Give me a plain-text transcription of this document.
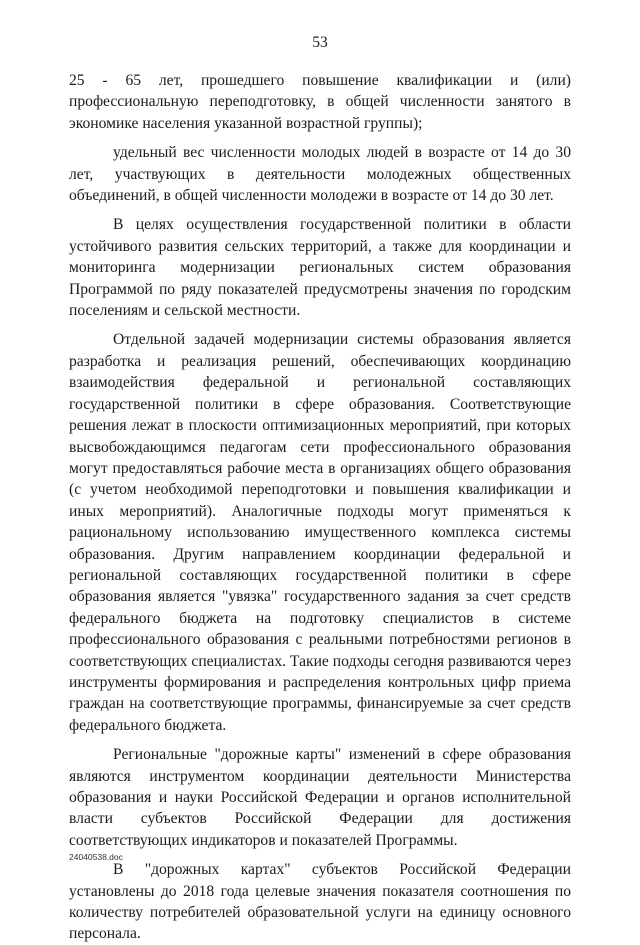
53

25 - 65 лет, прошедшего повышение квалификации и (или) профессиональную переподготовку, в общей численности занятого в экономике населения указанной возрастной группы);

удельный вес численности молодых людей в возрасте от 14 до 30 лет, участвующих в деятельности молодежных общественных объединений, в общей численности молодежи в возрасте от 14 до 30 лет.

В целях осуществления государственной политики в области устойчивого развития сельских территорий, а также для координации и мониторинга модернизации региональных систем образования Программой по ряду показателей предусмотрены значения по городским поселениям и сельской местности.

Отдельной задачей модернизации системы образования является разработка и реализация решений, обеспечивающих координацию взаимодействия федеральной и региональной составляющих государственной политики в сфере образования. Соответствующие решения лежат в плоскости оптимизационных мероприятий, при которых высвобождающимся педагогам сети профессионального образования могут предоставляться рабочие места в организациях общего образования (с учетом необходимой переподготовки и повышения квалификации и иных мероприятий). Аналогичные подходы могут применяться к рациональному использованию имущественного комплекса системы образования. Другим направлением координации федеральной и региональной составляющих государственной политики в сфере образования является "увязка" государственного задания за счет средств федерального бюджета на подготовку специалистов в системе профессионального образования с реальными потребностями регионов в соответствующих специалистах. Такие подходы сегодня развиваются через инструменты формирования и распределения контрольных цифр приема граждан на соответствующие программы, финансируемые за счет средств федерального бюджета.

Региональные "дорожные карты" изменений в сфере образования являются инструментом координации деятельности Министерства образования и науки Российской Федерации и органов исполнительной власти субъектов Российской Федерации для достижения соответствующих индикаторов и показателей Программы.

В "дорожных картах" субъектов Российской Федерации установлены до 2018 года целевые значения показателя соотношения по количеству потребителей образовательной услуги на единицу основного персонала.

24040538.doc
